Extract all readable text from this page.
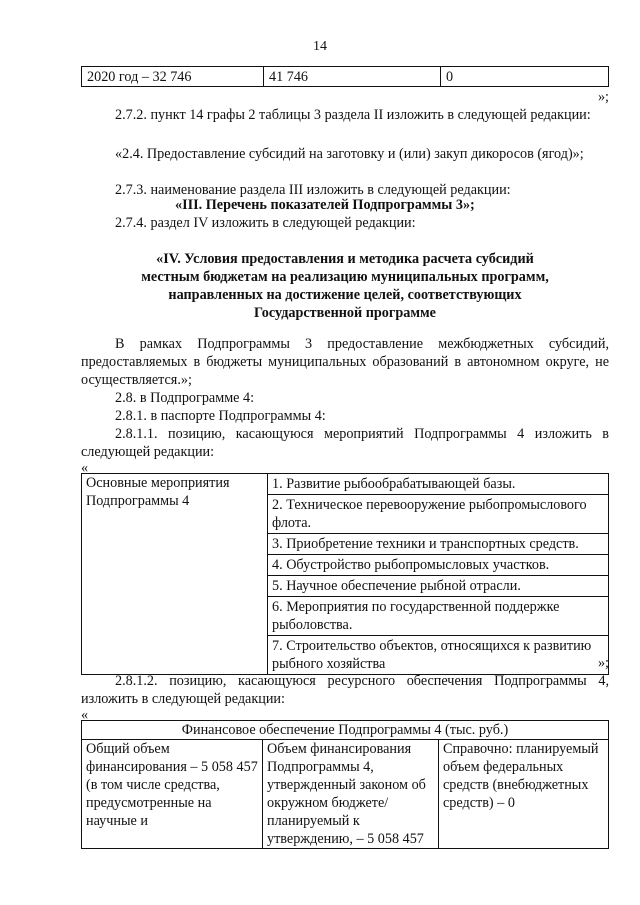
14
2020 год – 32 746	41 746	0
»;

2.7.2. пункт 14 графы 2 таблицы 3 раздела II изложить в следующей редакции:

«2.4. Предоставление субсидий на заготовку и (или) закуп дикоросов (ягод)»;

2.7.3. наименование раздела III изложить в следующей редакции:

«III. Перечень показателей Подпрограммы 3»;

2.7.4. раздел IV изложить в следующей редакции:

«IV. Условия предоставления и методика расчета субсидий
местным бюджетам на реализацию муниципальных программ,
направленных на достижение целей, соответствующих
Государственной программе

В рамках Подпрограммы 3 предоставление межбюджетных субсидий, предоставляемых в бюджеты муниципальных образований в автономном округе, не осуществляется.»;

2.8. в Подпрограмме 4:

2.8.1. в паспорте Подпрограммы 4:

2.8.1.1. позицию, касающуюся мероприятий Подпрограммы 4 изложить в следующей редакции:

«
Основные мероприятия Подпрограммы 4	
1. Развитие рыбообрабатывающей базы.
2. Техническое перевооружение рыбопромыслового флота.
3. Приобретение техники и транспортных средств.
4. Обустройство рыбопромысловых участков.
5. Научное обеспечение рыбной отрасли.
6. Мероприятия по государственной поддержке рыболовства.
7. Строительство объектов, относящихся к развитию рыбного хозяйства	»;

2.8.1.2. позицию, касающуюся ресурсного обеспечения Подпрограммы 4, изложить в следующей редакции:

«
Финансовое обеспечение Подпрограммы 4 (тыс. руб.)
Общий объем финансирования – 5 058 457 (в том числе средства, предусмотренные на научные и	Объем финансирования Подпрограммы 4, утвержденный законом об окружном бюджете/ планируемый к утверждению, – 5 058 457	Справочно: планируемый объем федеральных средств (внебюджетных средств) – 0
